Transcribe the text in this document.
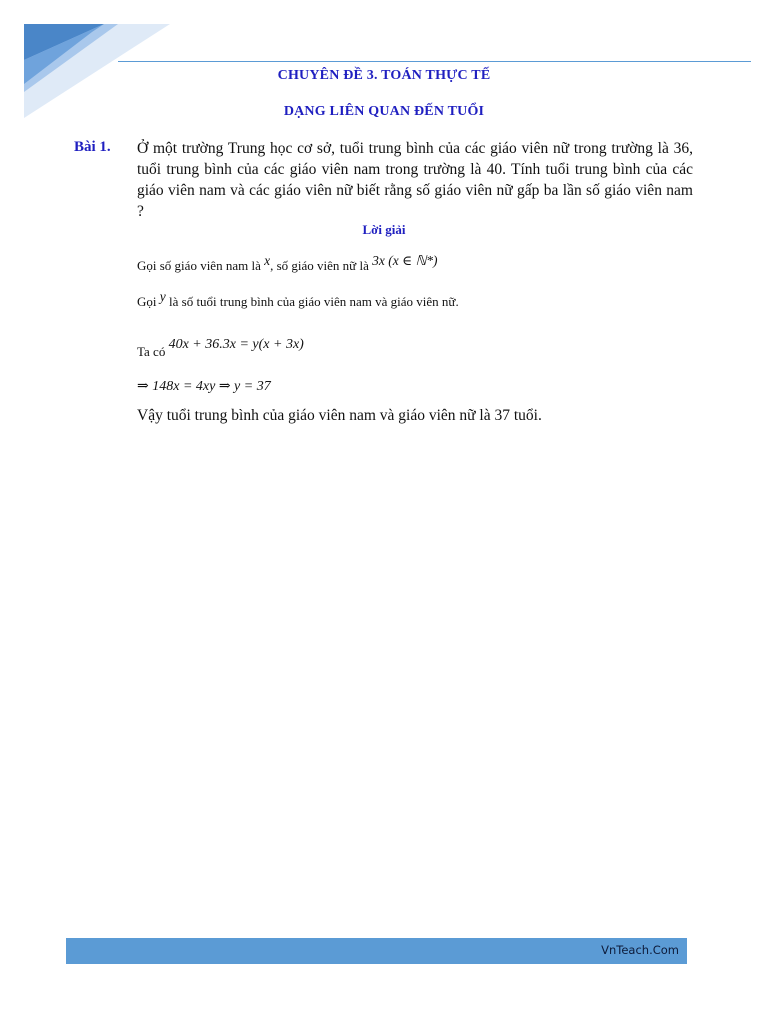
CHUYÊN ĐỀ 3. TOÁN THỰC TẾ
DẠNG LIÊN QUAN ĐẾN TUỔI
Bài 1. Ở một trường Trung học cơ sở, tuổi trung bình của các giáo viên nữ trong trường là 36, tuổi trung bình của các giáo viên nam trong trường là 40. Tính tuổi trung bình của các giáo viên nam và các giáo viên nữ biết rằng số giáo viên nữ gấp ba lần số giáo viên nam ?
Lời giải
Gọi số giáo viên nam là x, số giáo viên nữ là 3x (x ∈ ℕ*)
Gọi y là số tuổi trung bình của giáo viên nam và giáo viên nữ.
Ta có 40x + 36.3x = y(x + 3x)
⇒ 148x = 4xy ⇒ y = 37
Vậy tuổi trung bình của giáo viên nam và giáo viên nữ là 37 tuổi.
VnTeach.Com
